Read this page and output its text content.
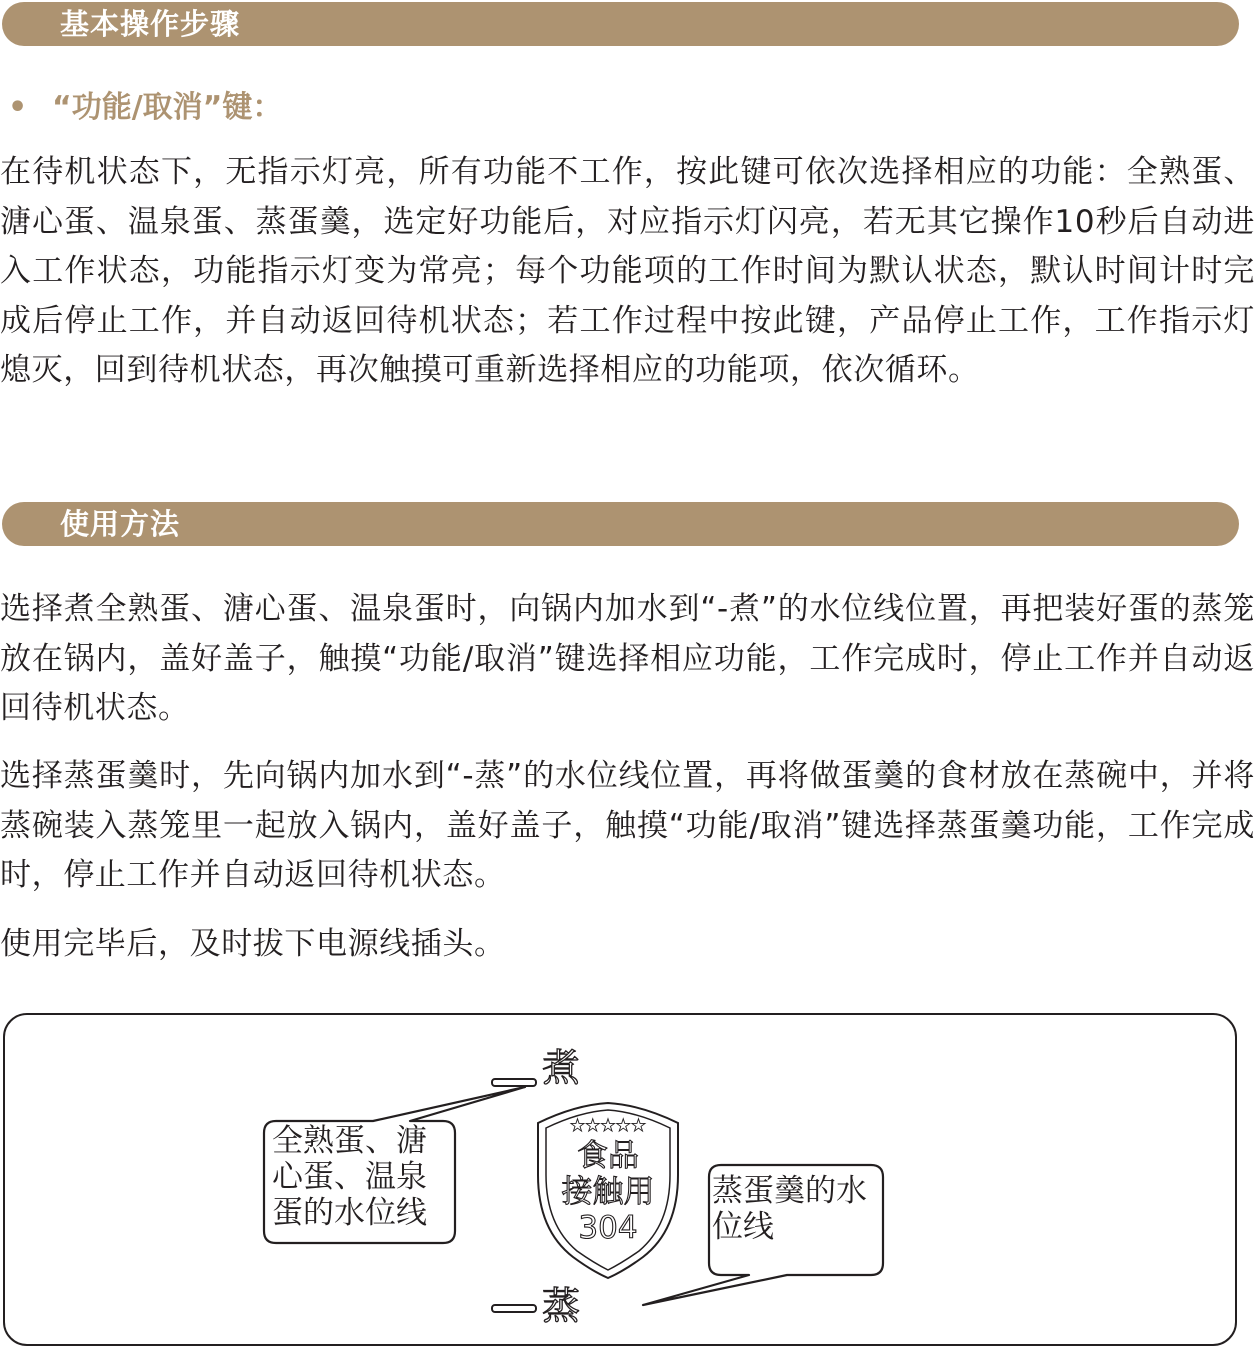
基本操作步骤
• “功能/取消”键：

在待机状态下，无指示灯亮，所有功能不工作，按此键可依次选择相应的功能：全熟蛋、溏心蛋、温泉蛋、蒸蛋羹，选定好功能后，对应指示灯闪亮，若无其它操作10秒后自动进入工作状态，功能指示灯变为常亮；每个功能项的工作时间为默认状态，默认时间计时完成后停止工作，并自动返回待机状态；若工作过程中按此键，产品停止工作，工作指示灯熄灭，回到待机状态，再次触摸可重新选择相应的功能项，依次循环。

使用方法

选择煮全熟蛋、溏心蛋、温泉蛋时，向锅内加水到“-煮”的水位线位置，再把装好蛋的蒸笼放在锅内，盖好盖子，触摸“功能/取消”键选择相应功能，工作完成时，停止工作并自动返回待机状态。

选择蒸蛋羹时，先向锅内加水到“-蒸”的水位线位置，再将做蛋羹的食材放在蒸碗中，并将蒸碗装入蒸笼里一起放入锅内，盖好盖子，触摸“功能/取消”键选择蒸蛋羹功能，工作完成时，停止工作并自动返回待机状态。

使用完毕后，及时拔下电源线插头。

煮
蒸
全熟蛋、溏心蛋、温泉蛋的水位线
蒸蛋羹的水位线
★★★★★
食品
接触用
304
